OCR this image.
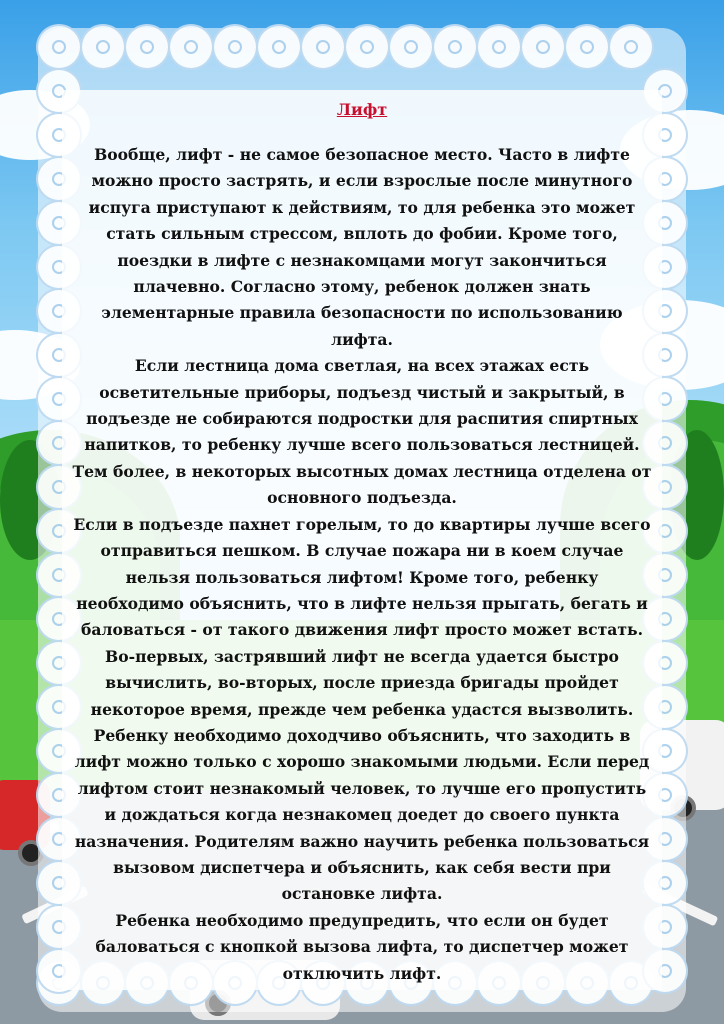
Лифт

Вообще, лифт - не самое безопасное место. Часто в лифте можно просто застрять, и если взрослые после минутного испуга приступают к действиям, то для ребенка это может стать сильным стрессом, вплоть до фобии. Кроме того, поездки в лифте с незнакомцами могут закончиться плачевно. Согласно этому, ребенок должен знать элементарные правила безопасности по использованию лифта.

Если лестница дома светлая, на всех этажах есть осветительные приборы, подъезд чистый и закрытый, в подъезде не собираются подростки для распития спиртных напитков, то ребенку лучше всего пользоваться лестницей. Тем более, в некоторых высотных домах лестница отделена от основного подъезда.

Если в подъезде пахнет горелым, то до квартиры лучше всего отправиться пешком. В случае пожара ни в коем случае нельзя пользоваться лифтом! Кроме того, ребенку необходимо объяснить, что в лифте нельзя прыгать, бегать и баловаться - от такого движения лифт просто может встать. Во-первых, застрявший лифт не всегда удается быстро вычислить, во-вторых, после приезда бригады пройдет некоторое время, прежде чем ребенка удастся вызволить.

Ребенку необходимо доходчиво объяснить, что заходить в лифт можно только с хорошо знакомыми людьми. Если перед лифтом стоит незнакомый человек, то лучше его пропустить и дождаться когда незнакомец доедет до своего пункта назначения. Родителям важно научить ребенка пользоваться вызовом диспетчера и объяснить, как себя вести при остановке лифта.

Ребенка необходимо предупредить, что если он будет баловаться с кнопкой вызова лифта, то диспетчер может отключить лифт.
